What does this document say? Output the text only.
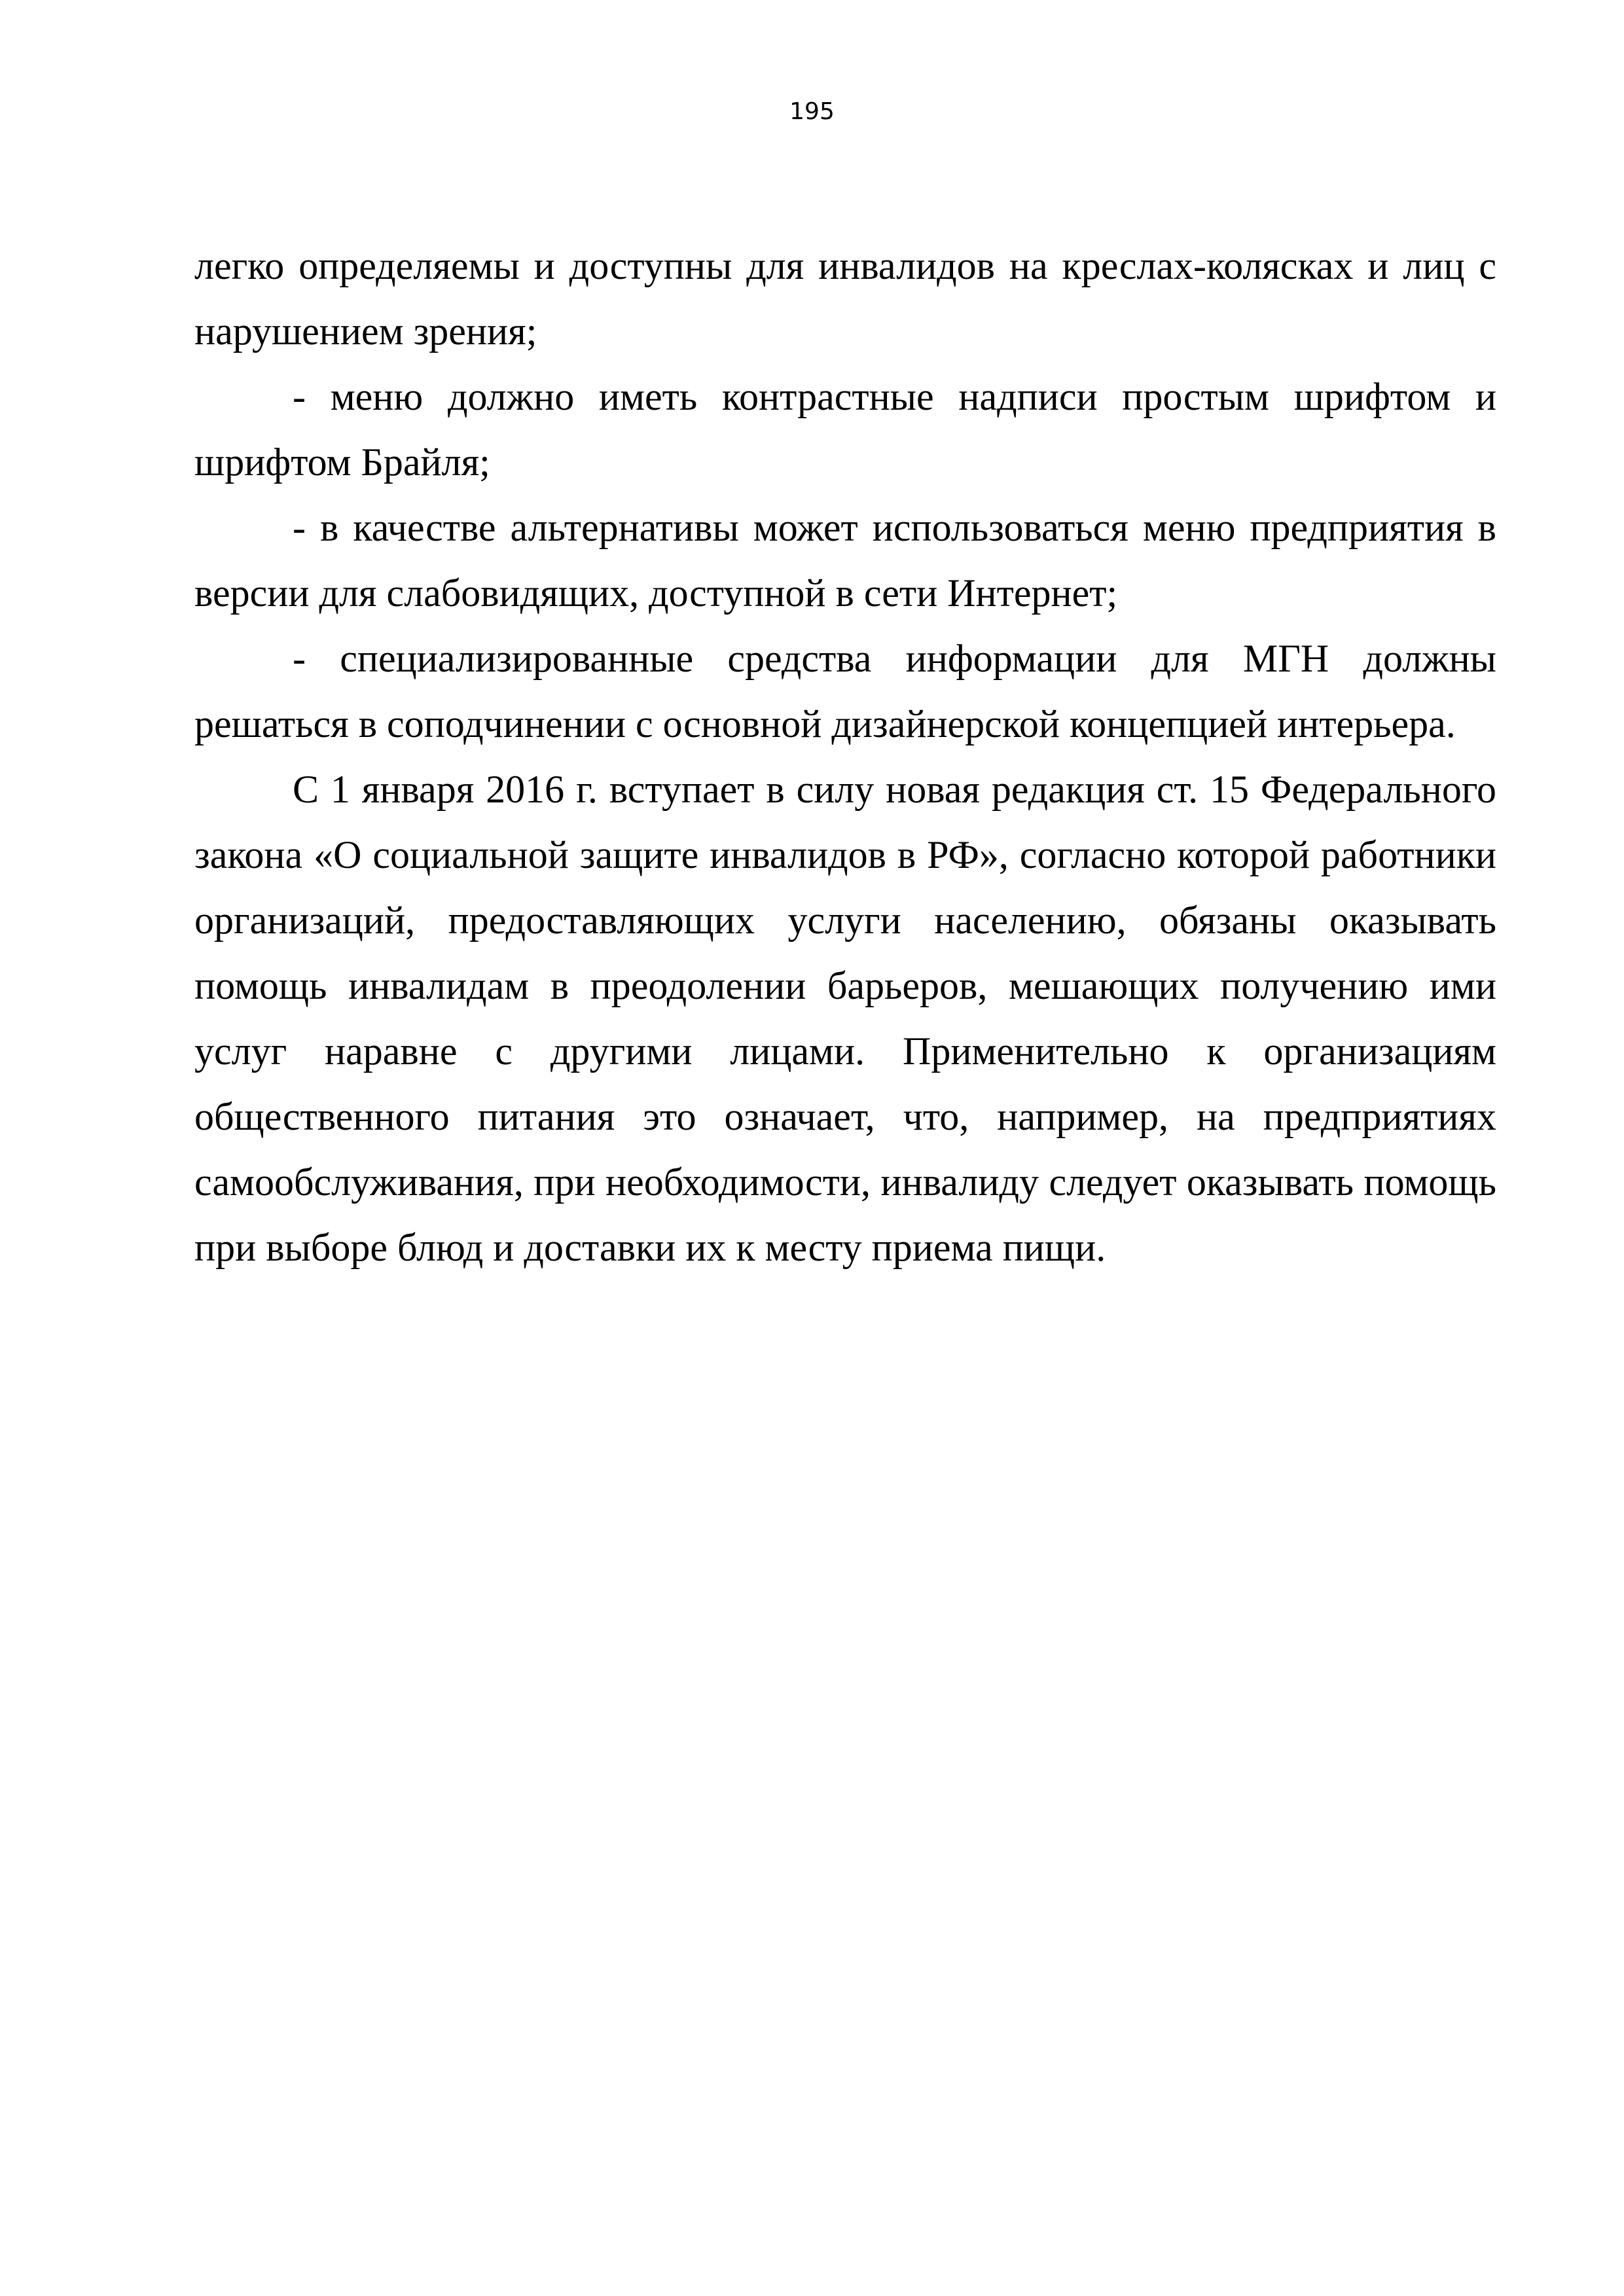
195

легко определяемы и доступны для инвалидов на креслах-колясках и лиц с нарушением зрения;

- меню должно иметь контрастные надписи простым шрифтом и шрифтом Брайля;

- в качестве альтернативы может использоваться меню предприятия в версии для слабовидящих, доступной в сети Интернет;

- специализированные средства информации для МГН должны решаться в соподчинении с основной дизайнерской концепцией интерьера.

С 1 января 2016 г. вступает в силу новая редакция ст. 15 Федерального закона «О социальной защите инвалидов в РФ», согласно которой работники организаций, предоставляющих услуги населению, обязаны оказывать помощь инвалидам в преодолении барьеров, мешающих получению ими услуг наравне с другими лицами. Применительно к организациям общественного питания это означает, что, например, на предприятиях самообслуживания, при необходимости, инвалиду следует оказывать помощь при выборе блюд и доставки их к месту приема пищи.
